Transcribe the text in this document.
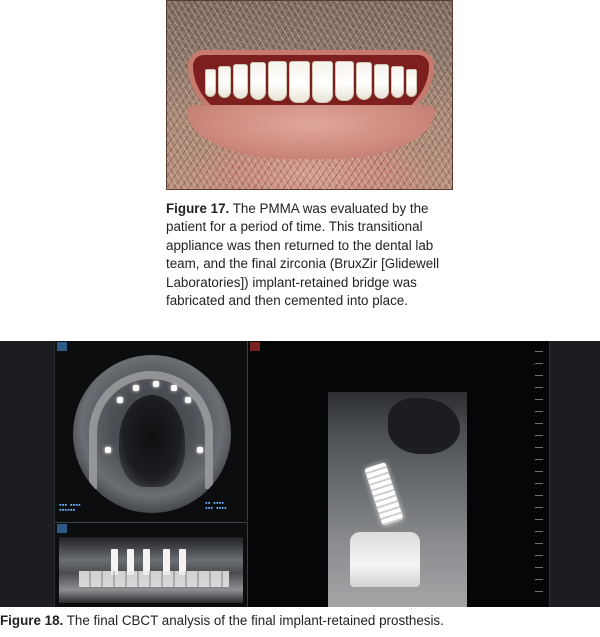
Figure 17. The PMMA was evaluated by the patient for a period of time. This transitional appliance was then returned to the dental lab team, and the final zirconia (BruxZir [Glidewell Laboratories]) implant-retained bridge was fabricated and then cemented into place.
▪▪▪ ▪▪▪▪
▪▪▪▪▪▪
▪▪ ▪▪▪▪
▪▪▪ ▪▪▪▪
-
Figure 18. The final CBCT analysis of the final implant-retained prosthesis.
